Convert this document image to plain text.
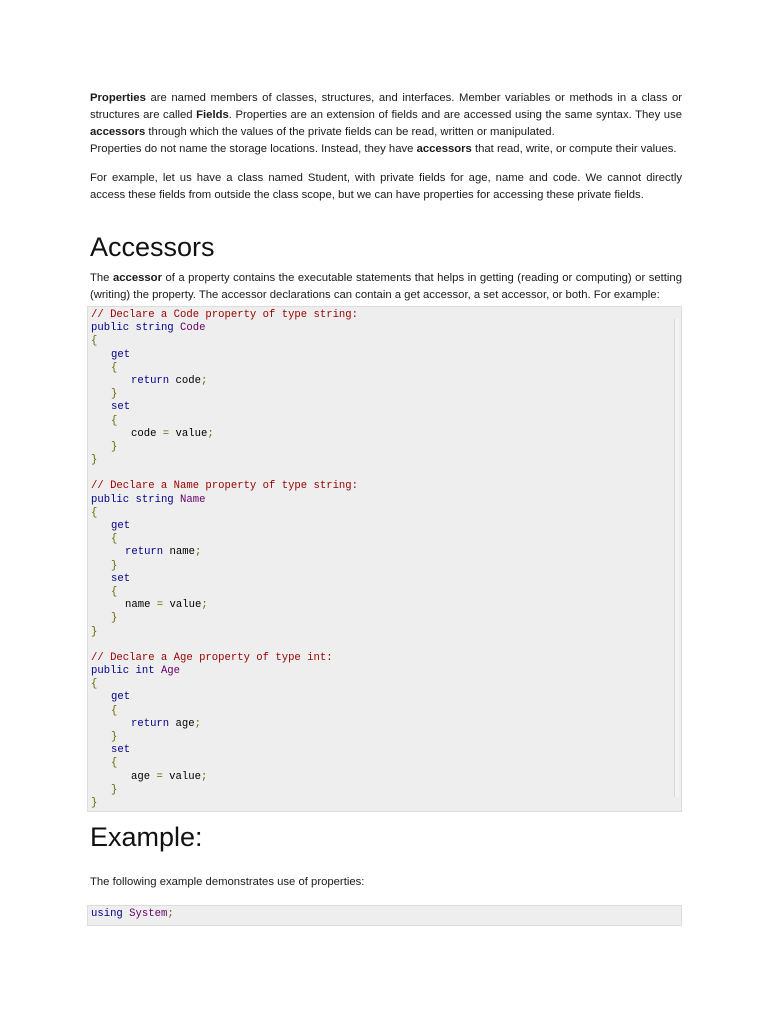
Properties are named members of classes, structures, and interfaces. Member variables or methods in a class or structures are called Fields. Properties are an extension of fields and are accessed using the same syntax. They use accessors through which the values of the private fields can be read, written or manipulated.

Properties do not name the storage locations. Instead, they have accessors that read, write, or compute their values.

For example, let us have a class named Student, with private fields for age, name and code. We cannot directly access these fields from outside the class scope, but we can have properties for accessing these private fields.

Accessors

The accessor of a property contains the executable statements that helps in getting (reading or computing) or setting (writing) the property. The accessor declarations can contain a get accessor, a set accessor, or both. For example:

// Declare a Code property of type string:
public string Code
{
get
{
return code;
}
set
{
code = value;
}
}
// Declare a Name property of type string:
public string Name
{
get
{
return name;
}
set
{
name = value;
}
}
// Declare a Age property of type int:
public int Age
{
get
{
return age;
}
set
{
age = value;
}
}
Example:

The following example demonstrates use of properties:

using System;
